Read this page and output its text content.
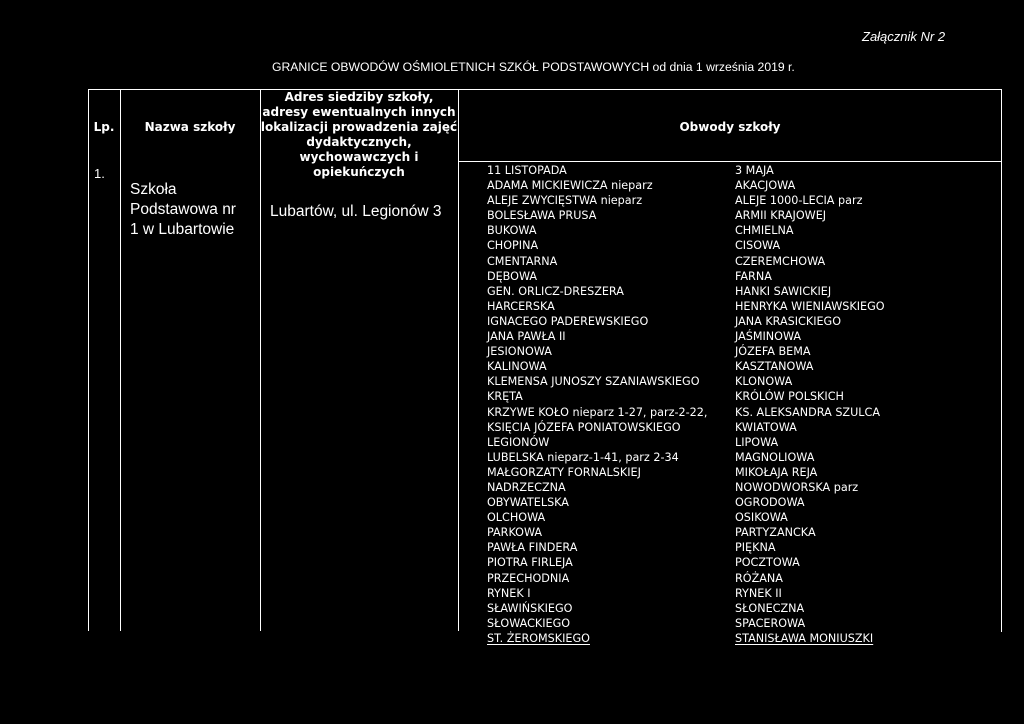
Załącznik Nr 2
GRANICE OBWODÓW OŚMIOLETNICH SZKÓŁ PODSTAWOWYCH od dnia 1 września 2019 r.
Lp.	Nazwa szkoły
Adres siedziby szkoły,
adresy ewentualnych innych
lokalizacji prowadzenia zajęć
dydaktycznych, wychowawczych i
opiekuńczych
Obwody szkoły
1.
Szkoła
Podstawowa nr
1 w Lubartowie
Lubartów, ul. Legionów 3
11 LISTOPADA
ADAMA MICKIEWICZA nieparz
ALEJE ZWYCIĘSTWA nieparz
BOLESŁAWA PRUSA
BUKOWA
CHOPINA
CMENTARNA
DĘBOWA
GEN. ORLICZ-DRESZERA
HARCERSKA
IGNACEGO PADEREWSKIEGO
JANA PAWŁA II
JESIONOWA
KALINOWA
KLEMENSA JUNOSZY SZANIAWSKIEGO
KRĘTA
KRZYWE KOŁO nieparz 1-27, parz-2-22,
KSIĘCIA JÓZEFA PONIATOWSKIEGO
LEGIONÓW
LUBELSKA nieparz-1-41, parz 2-34
MAŁGORZATY FORNALSKIEJ
NADRZECZNA
OBYWATELSKA
OLCHOWA
PARKOWA
PAWŁA FINDERA
PIOTRA FIRLEJA
PRZECHODNIA
RYNEK I
SŁAWIŃSKIEGO
SŁOWACKIEGO
ST. ŻEROMSKIEGO
3 MAJA
AKACJOWA
ALEJE 1000-LECIA parz
ARMII KRAJOWEJ
CHMIELNA
CISOWA
CZEREMCHOWA
FARNA
HANKI SAWICKIEJ
HENRYKA WIENIAWSKIEGO
JANA KRASICKIEGO
JAŚMINOWA
JÓZEFA BEMA
KASZTANOWA
KLONOWA
KRÓLÓW POLSKICH
KS. ALEKSANDRA SZULCA
KWIATOWA
LIPOWA
MAGNOLIOWA
MIKOŁAJA REJA
NOWODWORSKA parz
OGRODOWA
OSIKOWA
PARTYZANCKA
PIĘKNA
POCZTOWA
RÓŻANA
RYNEK II
SŁONECZNA
SPACEROWA
STANISŁAWA MONIUSZKI
